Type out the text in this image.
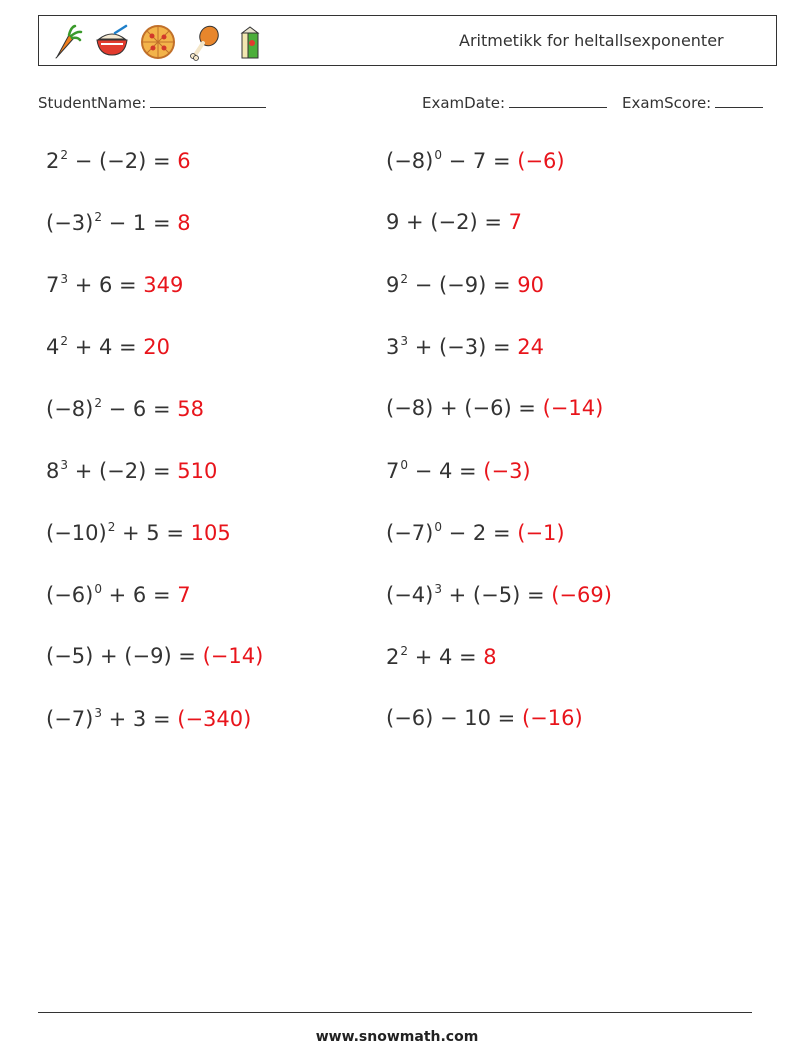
Aritmetikk for heltallsexponenter
StudentName:	ExamDate:	ExamScore:
$2^2 - (-2) = 6$
$(-3)^2 - 1 = 8$
$7^3 + 6 = 349$
$4^2 + 4 = 20$
$(-8)^2 - 6 = 58$
$8^3 + (-2) = 510$
$(-10)^2 + 5 = 105$
$(-6)^0 + 6 = 7$
(−5) + (−9) = (−14)
$(-7)^3 + 3 = (-340)$
$(-8)^0 - 7 = (-6)$
9 + (−2) = 7
$9^2 - (-9) = 90$
$3^3 + (-3) = 24$
(−8) + (−6) = (−14)
$7^0 - 4 = (-3)$
$(-7)^0 - 2 = (-1)$
$(-4)^3 + (-5) = (-69)$
$2^2 + 4 = 8$
(−6) − 10 = (−16)
www.snowmath.com
